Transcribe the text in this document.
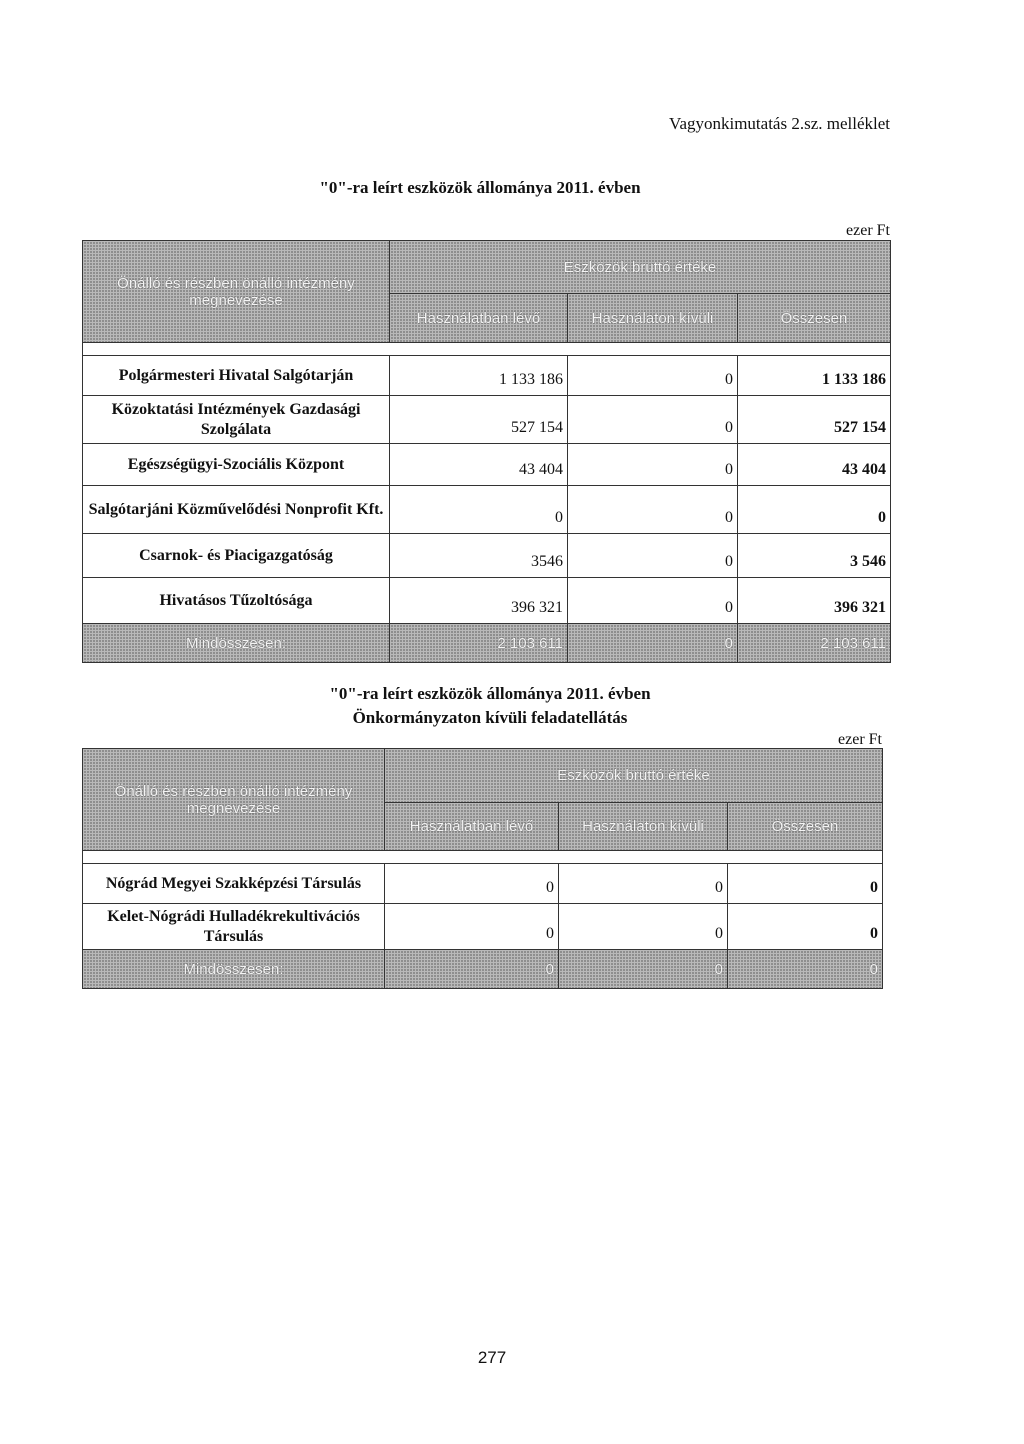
Vagyonkimutatás 2.sz. melléklet
"0"-ra leírt eszközök állománya 2011. évben
ezer Ft
Önálló és részben önálló intézmény megnevezése	Eszközök bruttó értéke		
	Használatban lévő	Használaton kívüli	Összesen

Polgármesteri Hivatal Salgótarján	1 133 186	0	1 133 186
Közoktatási Intézmények Gazdasági Szolgálata	527 154	0	527 154
Egészségügyi-Szociális Központ	43 404	0	43 404
Salgótarjáni Közművelődési Nonprofit Kft.	0	0	0
Csarnok- és Piacigazgatóság	3546	0	3 546
Hivatásos Tűzoltósága	396 321	0	396 321
Mindösszesen:	2 103 611	0	2 103 611
"0"-ra leírt eszközök állománya 2011. évben
Önkormányzaton kívüli feladatellátás
ezer Ft
Önálló és részben önálló intézmény megnevezése	Eszközök bruttó értéke		
	Használatban lévő	Használaton kívüli	Összesen

Nógrád Megyei Szakképzési Társulás	0	0	0
Kelet-Nógrádi Hulladékrekultivációs Társulás	0	0	0
Mindösszesen:	0	0	0
277
